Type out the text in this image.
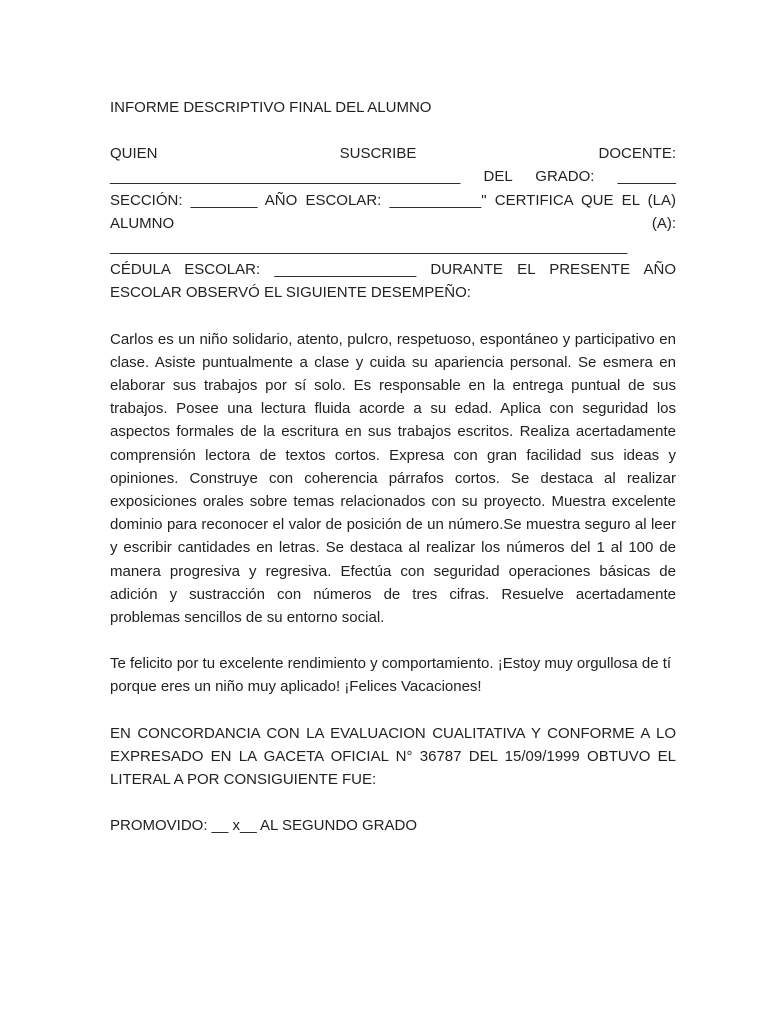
INFORME DESCRIPTIVO FINAL DEL ALUMNO

QUIEN SUSCRIBE DOCENTE:
__________________________________________ DEL GRADO: _______
SECCIÓN: ________ AÑO ESCOLAR: ___________" CERTIFICA QUE EL (LA)
ALUMNO (A):
______________________________________________________________
CÉDULA ESCOLAR: _________________ DURANTE EL PRESENTE AÑO
ESCOLAR OBSERVÓ EL SIGUIENTE DESEMPEÑO:

Carlos es un niño solidario, atento, pulcro, respetuoso, espontáneo y participativo en clase. Asiste puntualmente a clase y cuida su apariencia personal. Se esmera en elaborar sus trabajos por sí solo. Es responsable en la entrega puntual de sus trabajos. Posee una lectura fluida acorde a su edad. Aplica con seguridad los aspectos formales de la escritura en sus trabajos escritos. Realiza acertadamente comprensión lectora de textos cortos. Expresa con gran facilidad sus ideas y opiniones. Construye con coherencia párrafos cortos. Se destaca al realizar exposiciones orales sobre temas relacionados con su proyecto. Muestra excelente dominio para reconocer el valor de posición de un número.Se muestra seguro al leer y escribir cantidades en letras. Se destaca al realizar los números del 1 al 100 de manera progresiva y regresiva. Efectúa con seguridad operaciones básicas de adición y sustracción con números de tres cifras. Resuelve acertadamente problemas sencillos de su entorno social.

Te felicito por tu excelente rendimiento y comportamiento. ¡Estoy muy orgullosa de tí porque eres un niño muy aplicado! ¡Felices Vacaciones!

EN CONCORDANCIA CON LA EVALUACION CUALITATIVA Y CONFORME A LO EXPRESADO EN LA GACETA OFICIAL N° 36787 DEL 15/09/1999 OBTUVO EL LITERAL A POR CONSIGUIENTE FUE:

PROMOVIDO: __ x__ AL SEGUNDO GRADO
